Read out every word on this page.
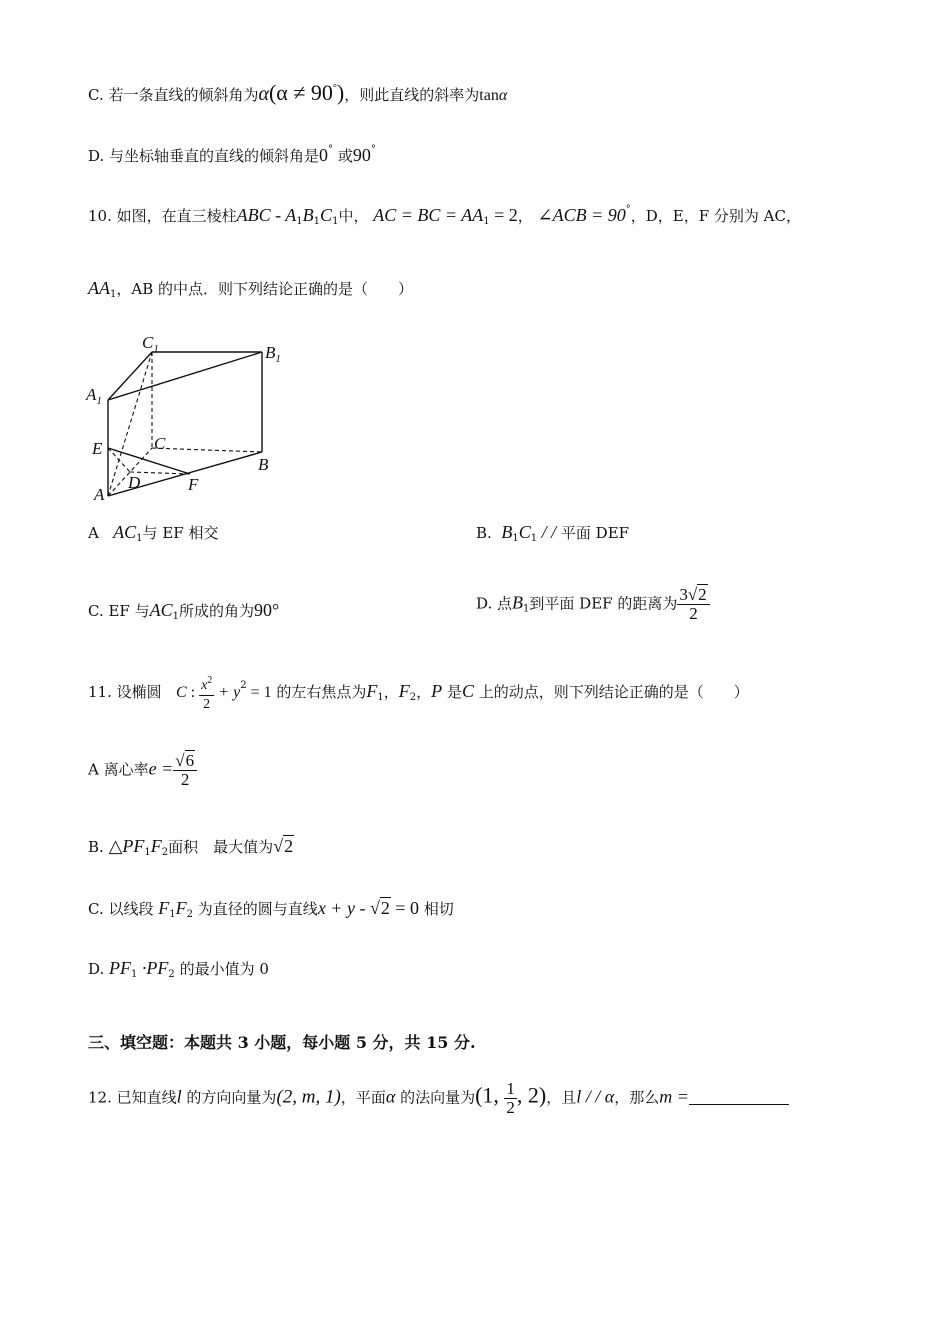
C. 若一条直线的倾斜角为α(α ≠ 90°)，则此直线的斜率为tanα
D. 与坐标轴垂直的直线的倾斜角是0° 或90°
10. 如图，在直三棱柱ABC - $A_1B_1C_1$中， AC = BC = $AA_1 = 2$， ∠ACB = 90°，D，E，F 分别为 AC，
$AA_1$，AB 的中点．则下列结论正确的是（　　）
$C_1$	$B_1$
$A_1$
E	C
B
D	F
A
A $AC_1$与 EF 相交	B. $B_1C_1$ / / 平面 DEF
C. EF 与$AC_1$所成的角为90°	D. 点$B_1$到平面 DEF 的距离为 $\frac{3√2}{2}$
11. 设椭圆 C : $\frac{x^2}{2} + y^2 = 1$ 的左右焦点为$F_1$，$F_2$，P 是C 上的动点，则下列结论正确的是（　　）
A 离心率$e = \frac{√6}{2}$
B. $\triangle PF_1F_2$面积　最大值为√2
C. 以线段 $F_1F_2$ 为直径的圆与直线x + y - √2 = 0 相切
D. $PF_1 \cdot PF_2$ 的最小值为 0
三、填空题：本题共 3 小题，每小题 5 分，共 15 分.
12. 已知直线l 的方向向量为(2, m, 1)，平面α 的法向量为(1, $\frac{1}{2}$ , 2)，且l / / α，那么m =
